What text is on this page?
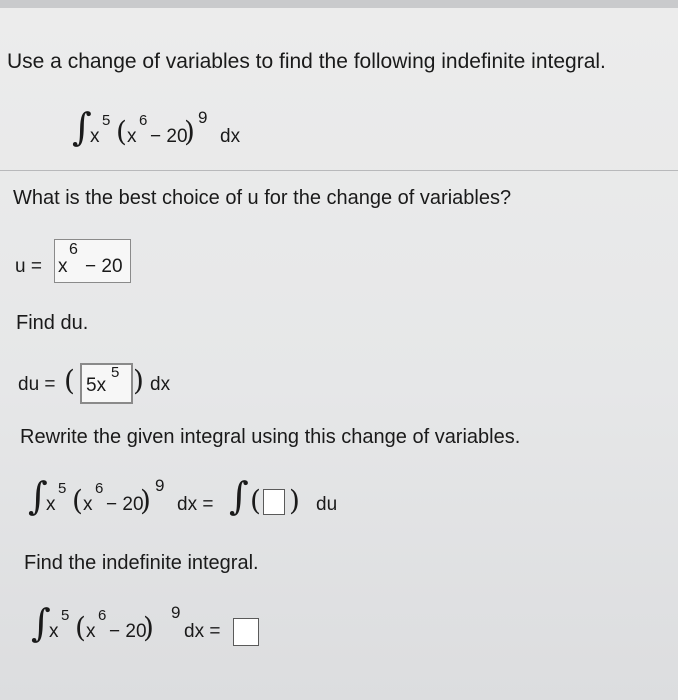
Use a change of variables to find the following indefinite integral.
∫
x
5 ( x
6
− 20
) 9
dx
What is the best choice of u for the change of variables?
u = x
6
− 20
Find du.
du = ( 5x
5 ) dx
Rewrite the given integral using this change of variables.
∫
x
5 ( x
6
− 20
) 9
dx = ∫ ( ) du
Find the indefinite integral.
∫
x
5 ( x
6
− 20
) 9
dx =
